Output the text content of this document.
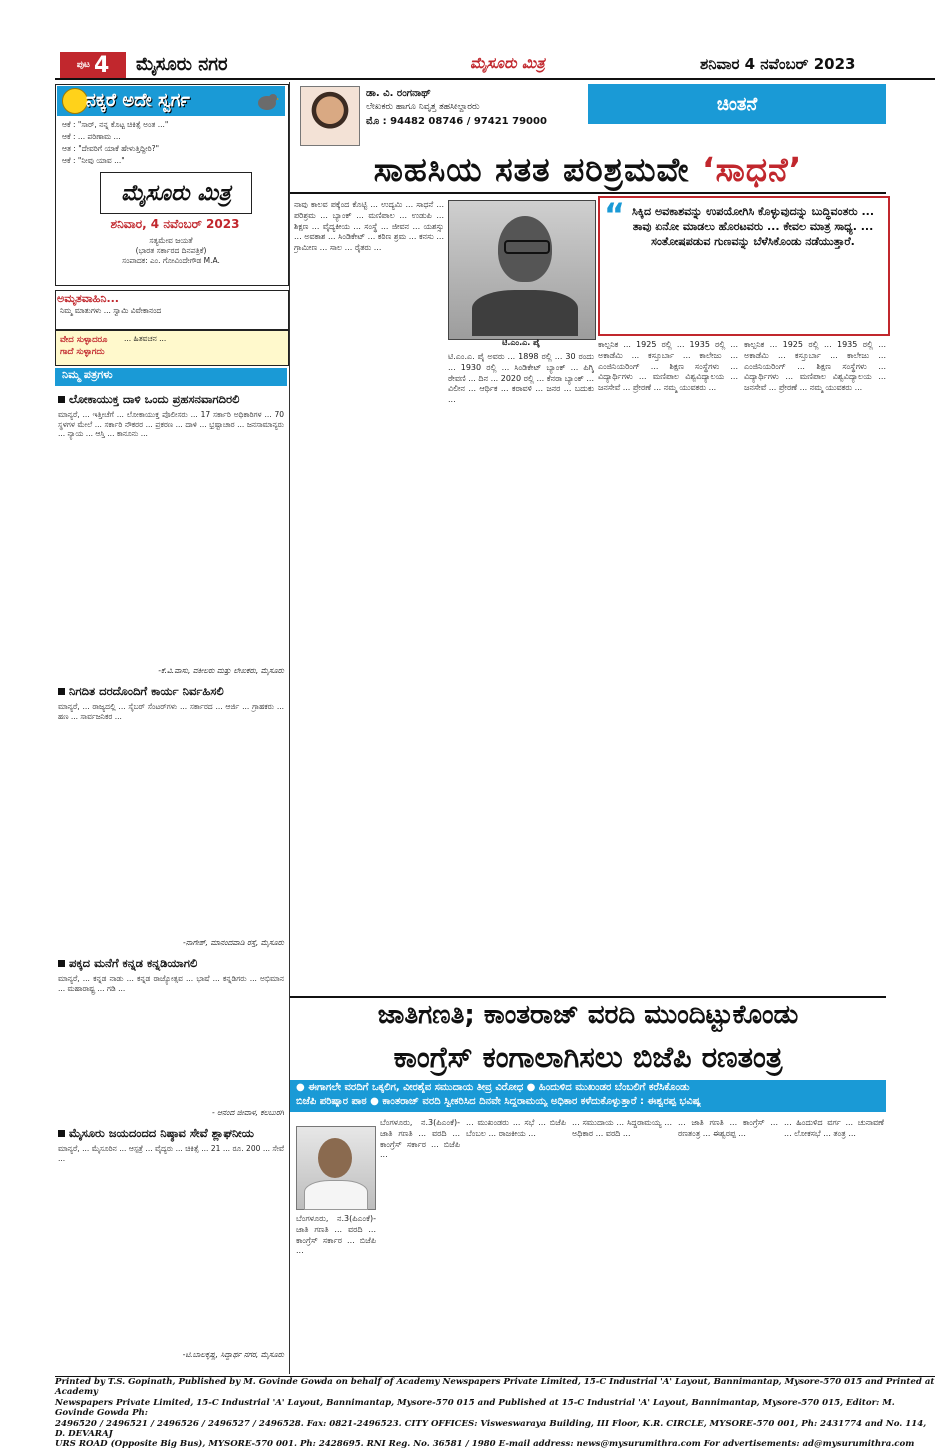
ಪುಟ 4 ಮೈಸೂರು ನಗರ	ಮೈಸೂರು ಮಿತ್ರ	ಶನಿವಾರ 4 ನವೆಂಬರ್ 2023
ನಕ್ಕರೆ ಅದೇ ಸ್ವರ್ಗ
ಆಕೆ : "ಸಾರ್, ನನ್ನ ಕೊಟ್ಟ ಚಿಕಿತ್ಸೆ ಅಂತ ..."
ಆಕೆ : ... ಪರಿಣಾಮ ...
ಆತ : "ದೇವರಿಗೆ ಯಾಕೆ ಹೇಳುತ್ತಿದ್ದೀರಿ?"
ಆಕೆ : "ನೀವು ಯಾವ ..."
ಮೈಸೂರು ಮಿತ್ರ
ಶನಿವಾರ, 4 ನವೆಂಬರ್ 2023
ಸತ್ಯಮೇವ ಜಯತೆ
(ಭಾರತ ಸರ್ಕಾರದ ದಿನಪತ್ರಿಕೆ)
ಸಂಪಾದಕ: ಎಂ. ಗೋವಿಂದೇಗೌಡ M.A.
ಅಮೃತವಾಹಿನಿ...
ನಿಮ್ಮ ಮಾತುಗಳು ... ಸ್ವಾಮಿ ವಿವೇಕಾನಂದ
ವೇದ ಸುಳ್ಳಾದರೂ ಗಾದೆ ಸುಳ್ಳಾಗದು
... ಹಿತವಚನ ...
ನಿಮ್ಮ ಪತ್ರಗಳು
ಲೋಕಾಯುಕ್ತ ದಾಳಿ ಒಂದು ಪ್ರಹಸನವಾಗದಿರಲಿ
ಮಾನ್ಯರೆ, ... ಇತ್ತೀಚೆಗೆ ... ಲೋಕಾಯುಕ್ತ ಪೊಲೀಸರು ... 17 ಸರ್ಕಾರಿ ಅಧಿಕಾರಿಗಳ ... 70 ಸ್ಥಳಗಳ ಮೇಲೆ ... ಸರ್ಕಾರಿ ನೌಕರರ ... ಪ್ರಕರಣ ... ದಾಳಿ ... ಭ್ರಷ್ಟಾಚಾರ ... ಜನಸಾಮಾನ್ಯರು ... ನ್ಯಾಯ ... ಆಸ್ತಿ ... ಕಾನೂನು ...
-ಕೆ.ವಿ.ವಾಸು, ವಕೀಲರು ಮತ್ತು ಲೇಖಕರು, ಮೈಸೂರು
ನಿಗದಿತ ದರದೊಂದಿಗೆ ಕಾರ್ಯ ನಿರ್ವಹಿಸಲಿ
ಮಾನ್ಯರೆ, ... ರಾಜ್ಯದಲ್ಲಿ ... ಸೈಬರ್ ಸೆಂಟರ್‌ಗಳು ... ಸರ್ಕಾರದ ... ಆರ್ಜಿ ... ಗ್ರಾಹಕರು ... ಹಣ ... ಸಾರ್ವಜನಿಕರ ...
-ನಾಗೇಶ್, ಮಾನಂದವಾಡಿ ರಸ್ತೆ, ಮೈಸೂರು
ಪಕ್ಕದ ಮನೆಗೆ ಕನ್ನಡ ಕನ್ನಡಿಯಾಗಲಿ
ಮಾನ್ಯರೆ, ... ಕನ್ನಡ ನಾಡು ... ಕನ್ನಡ ರಾಜ್ಯೋತ್ಸವ ... ಭಾಷೆ ... ಕನ್ನಡಿಗರು ... ಅಭಿಮಾನ ... ಮಹಾರಾಷ್ಟ್ರ ... ಗಡಿ ...
- ಆನಂದ ಜೀವಾಳ, ಕಲಬುರಗಿ
ಮೈಸೂರು ಜಯದಂದದ ನಿಷ್ಠಾವ ಸೇವೆ ಶ್ಲಾಘನೀಯ
ಮಾನ್ಯರೆ, ... ಮೈಸೂರಿನ ... ಆಸ್ಪತ್ರೆ ... ವೈದ್ಯರು ... ಚಿಕಿತ್ಸೆ ... 21 ... ರೂ. 200 ... ಸೇವೆ ...
-ಟಿ.ಬಾಲಕೃಷ್ಣ, ಸಿದ್ದಾರ್ಥ ನಗರ, ಮೈಸೂರು
ಡಾ. ವಿ. ರಂಗನಾಥ್
ಲೇಖಕರು ಹಾಗೂ ನಿವೃತ್ತ ತಹಸೀಲ್ದಾರರು
ಮೊ : 94482 08746 / 97421 79000
ಚಿಂತನೆ
ಸಾಹಸಿಯ ಸತತ ಪರಿಶ್ರಮವೇ
‘ಸಾಧನೆ’
ನಾವು ಕಾಲವ ಪಕ್ಕೆಂದ ಕೊಟ್ಟಿ ... ಉದ್ಯಮಿ ... ಸಾಧನೆ ... ಪರಿಶ್ರಮ ... ಬ್ಯಾಂಕ್ ... ಮಣಿಪಾಲ ... ಉಡುಪಿ ... ಶಿಕ್ಷಣ ... ವೈದ್ಯಕೀಯ ... ಸಂಸ್ಥೆ ... ಜೀವನ ... ಯಶಸ್ಸು ... ಅವಕಾಶ ... ಸಿಂಡಿಕೇಟ್ ... ಕಠಿಣ ಶ್ರಮ ... ಕನಸು ... ಗ್ರಾಮೀಣ ... ಸಾಲ ... ರೈತರು ...
ಟಿ.ಎಂ.ಎ. ಪೈ
ಟಿ.ಎಂ.ಎ. ಪೈ ಅವರು ... 1898 ರಲ್ಲಿ ... 30 ರಂದು ... 1930 ರಲ್ಲಿ ... ಸಿಂಡಿಕೇಟ್ ಬ್ಯಾಂಕ್ ... ಪಿಗ್ಮಿ ಠೇವಣಿ ... ದಿನ ... 2020 ರಲ್ಲಿ ... ಕೆನರಾ ಬ್ಯಾಂಕ್ ... ವಿಲೀನ ... ಆರ್ಥಿಕ ... ಕರಾವಳಿ ... ಜನರ ... ಬದುಕು ...
“ ಸಿಕ್ಕಿದ ಅವಕಾಶವನ್ನು ಉಪಯೋಗಿಸಿ ಕೊಳ್ಳುವುದನ್ನು ಬುದ್ಧಿವಂತರು ... ತಾವು ಏನೋ ಮಾಡಲು ಹೊರಟವರು ... ಕೇವಲ ಮಾತ್ರ ಸಾಧ್ಯ. ... ಸಂತೋಷಪಡುವ ಗುಣವನ್ನು ಬೆಳೆಸಿಕೊಂಡು ನಡೆಯುತ್ತಾರೆ.
ಕಾಲ್ಪನಿಕ ... 1925 ರಲ್ಲಿ ... 1935 ರಲ್ಲಿ ... ಅಕಾಡೆಮಿ ... ಕಸ್ತೂರ್ಬಾ ... ಕಾಲೇಜು ... ಎಂಜಿನಿಯರಿಂಗ್ ... ಶಿಕ್ಷಣ ಸಂಸ್ಥೆಗಳು ... ವಿದ್ಯಾರ್ಥಿಗಳು ... ಮಣಿಪಾಲ ವಿಶ್ವವಿದ್ಯಾಲಯ ... ಜನಸೇವೆ ... ಪ್ರೇರಣೆ ... ನಮ್ಮ ಯುವಕರು ...
ಕಾಲ್ಪನಿಕ ... 1925 ರಲ್ಲಿ ... 1935 ರಲ್ಲಿ ... ಅಕಾಡೆಮಿ ... ಕಸ್ತೂರ್ಬಾ ... ಕಾಲೇಜು ... ಎಂಜಿನಿಯರಿಂಗ್ ... ಶಿಕ್ಷಣ ಸಂಸ್ಥೆಗಳು ... ವಿದ್ಯಾರ್ಥಿಗಳು ... ಮಣಿಪಾಲ ವಿಶ್ವವಿದ್ಯಾಲಯ ... ಜನಸೇವೆ ... ಪ್ರೇರಣೆ ... ನಮ್ಮ ಯುವಕರು ...
ಜಾತಿಗಣತಿ; ಕಾಂತರಾಜ್ ವರದಿ ಮುಂದಿಟ್ಟುಕೊಂಡು
ಕಾಂಗ್ರೆಸ್ ಕಂಗಾಲಾಗಿಸಲು ಬಿಜೆಪಿ ರಣತಂತ್ರ
● ಈಗಾಗಲೇ ವರದಿಗೆ ಒಕ್ಕಲಿಗ, ವೀರಶೈವ ಸಮುದಾಯ ತೀವ್ರ ವಿರೋಧ ● ಹಿಂದುಳಿದ ಮುಖಂಡರ ಬೆಂಬಲಿಗೆ ಕರೆಸಿಕೊಂಡು
ಬಿಜೆಪಿ ಪರಿಷ್ಕಾರ ಪಾಠ ● ಕಾಂತರಾಜ್ ವರದಿ ಸ್ವೀಕರಿಸಿದ ದಿನವೇ ಸಿದ್ದರಾಮಯ್ಯ ಅಧಿಕಾರ ಕಳೆದುಕೊಳ್ಳುತ್ತಾರೆ : ಈಶ್ವರಪ್ಪ ಭವಿಷ್ಯ
ಬೆಂಗಳೂರು, ನ.3(ಪಿಎಂಕೆ)- ಜಾತಿ ಗಣತಿ ... ವರದಿ ... ಕಾಂಗ್ರೆಸ್ ಸರ್ಕಾರ ... ಬಿಜೆಪಿ ...
ಬೆಂಗಳೂರು, ನ.3(ಪಿಎಂಕೆ)- ಜಾತಿ ಗಣತಿ ... ವರದಿ ... ಕಾಂಗ್ರೆಸ್ ಸರ್ಕಾರ ... ಬಿಜೆಪಿ ...
... ಮುಖಂಡರು ... ಸಭೆ ... ಬಿಜೆಪಿ ಬೆಂಬಲ ... ರಾಜಕೀಯ ...
... ಸಮುದಾಯ ... ಸಿದ್ದರಾಮಯ್ಯ ... ಅಧಿಕಾರ ... ವರದಿ ...
... ಜಾತಿ ಗಣತಿ ... ಕಾಂಗ್ರೆಸ್ ... ರಣತಂತ್ರ ... ಈಶ್ವರಪ್ಪ ...
... ಹಿಂದುಳಿದ ವರ್ಗ ... ಚುನಾವಣೆ ... ಲೋಕಸಭೆ ... ತಂತ್ರ ...
Printed by T.S. Gopinath, Published by M. Govinde Gowda on behalf of Academy Newspapers Private Limited, 15-C Industrial 'A' Layout, Bannimantap, Mysore-570 015 and Printed at Academy
Newspapers Private Limited, 15-C Industrial 'A' Layout, Bannimantap, Mysore-570 015 and Published at 15-C Industrial 'A' Layout, Bannimantap, Mysore-570 015, Editor: M. Govinde Gowda Ph:
2496520 / 2496521 / 2496526 / 2496527 / 2496528. Fax: 0821-2496523. CITY OFFICES: Visweswaraya Building, III Floor, K.R. CIRCLE, MYSORE-570 001, Ph: 2431774 and No. 114, D. DEVARAJ
URS ROAD (Opposite Big Bus), MYSORE-570 001. Ph: 2428695. RNI Reg. No. 36581 / 1980 E-mail address: news@mysurumithra.com For advertisements: ad@mysurumithra.com
